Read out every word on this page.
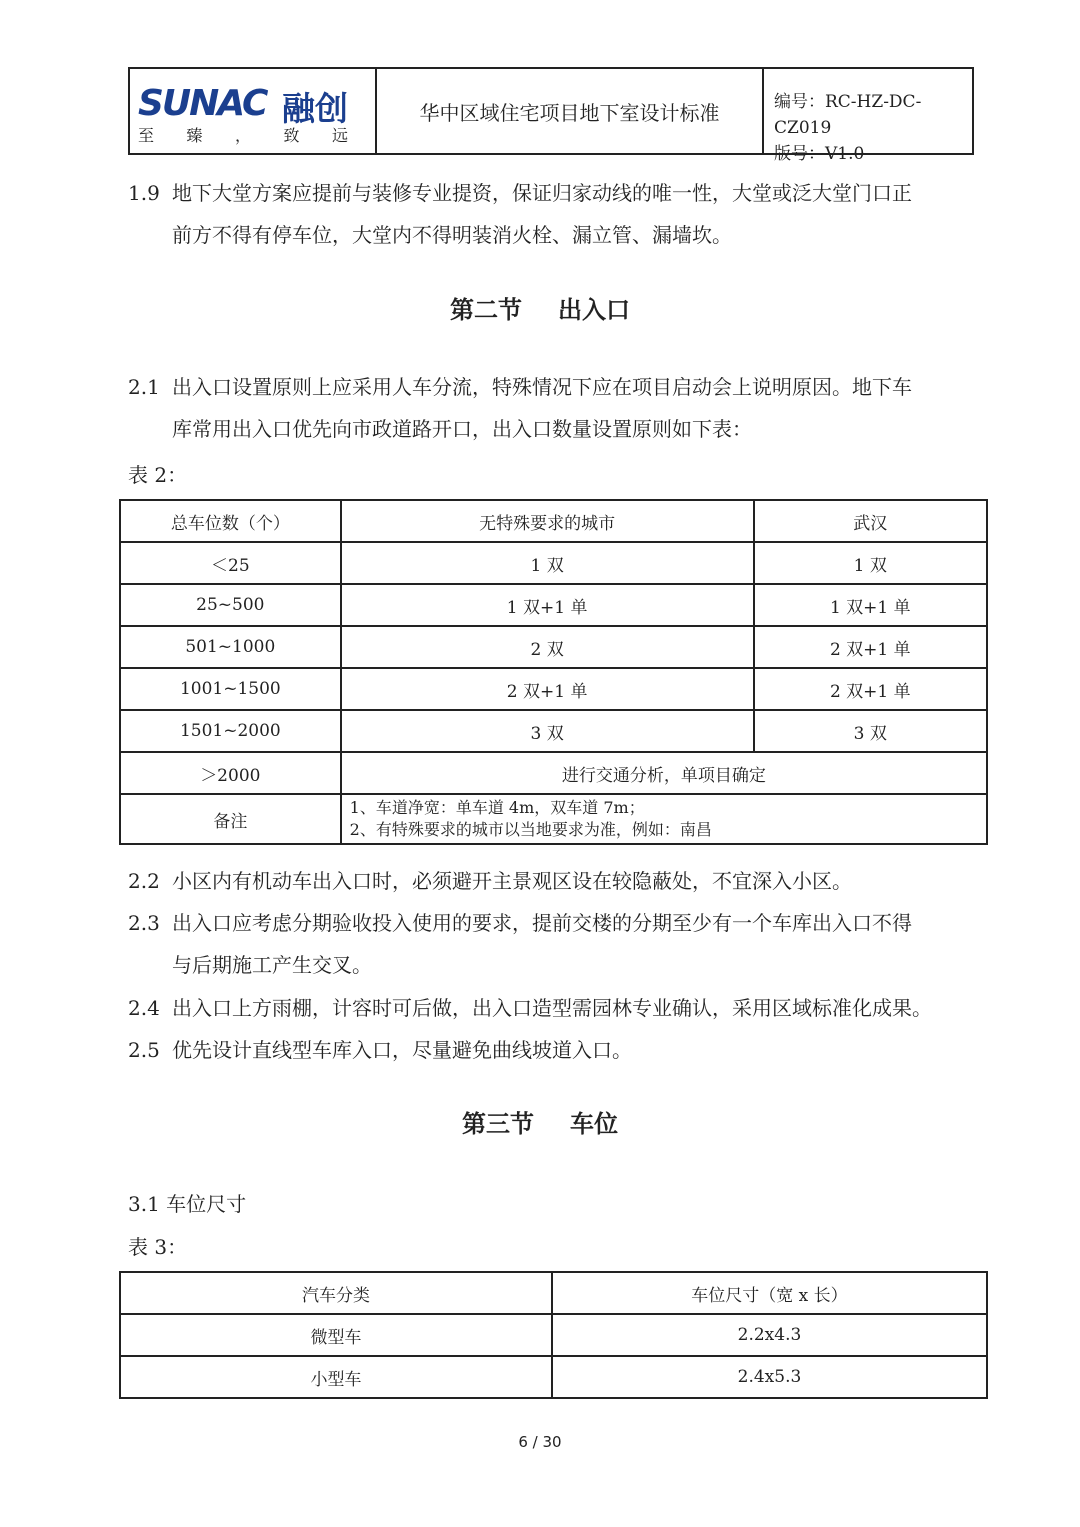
SUNAC 融创
至 臻 ， 致 远
华中区域住宅项目地下室设计标准	编号：RC-HZ-DC-CZ019
版号：V1.0
1.9 地下大堂方案应提前与装修专业提资，保证归家动线的唯一性，大堂或泛大堂门口正
前方不得有停车位，大堂内不得明装消火栓、漏立管、漏墙坎。
第二节 出入口
2.1 出入口设置原则上应采用人车分流，特殊情况下应在项目启动会上说明原因。地下车
库常用出入口优先向市政道路开口，出入口数量设置原则如下表：
表 2：
总车位数（个）	无特殊要求的城市	武汉
＜25	1 双	1 双
25~500	1 双+1 单	1 双+1 单
501~1000	2 双	2 双+1 单
1001~1500	2 双+1 单	2 双+1 单
1501~2000	3 双	3 双
＞2000	进行交通分析，单项目确定	
备注	1、车道净宽：单车道 4m，双车道 7m；
2、有特殊要求的城市以当地要求为准，例如：南昌	
2.2 小区内有机动车出入口时，必须避开主景观区设在较隐蔽处，不宜深入小区。
2.3 出入口应考虑分期验收投入使用的要求，提前交楼的分期至少有一个车库出入口不得
与后期施工产生交叉。
2.4 出入口上方雨棚，计容时可后做，出入口造型需园林专业确认，采用区域标准化成果。
2.5 优先设计直线型车库入口，尽量避免曲线坡道入口。
第三节 车位
3.1 车位尺寸
表 3：
汽车分类	车位尺寸（宽 x 长）
微型车	2.2x4.3
小型车	2.4x5.3
6 / 30
